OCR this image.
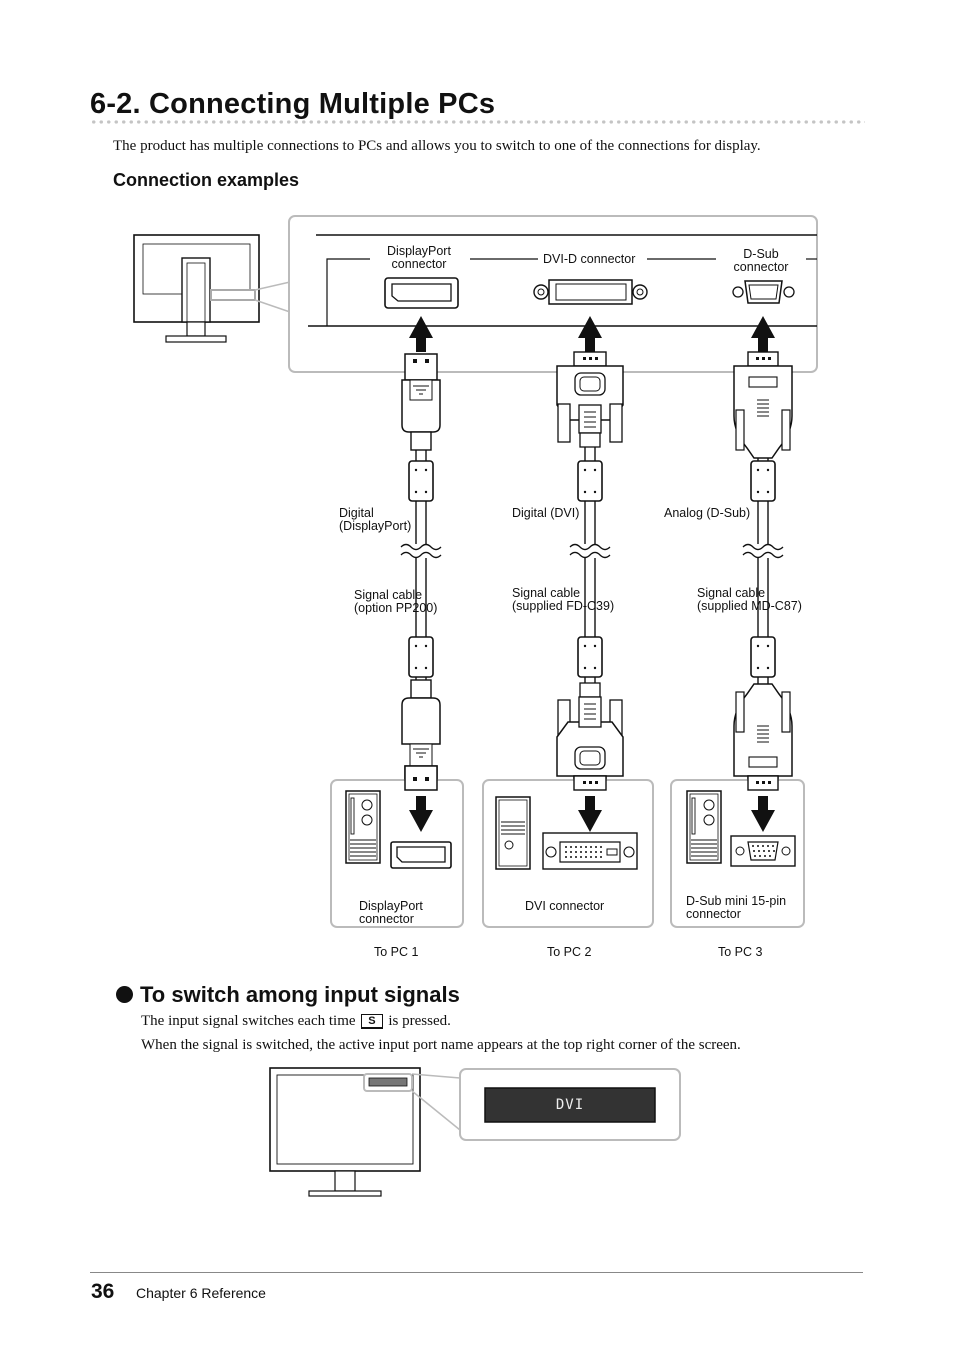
6-2. Connecting Multiple PCs
The product has multiple connections to PCs and allows you to switch to one of the connections for display.
Connection examples
DisplayPort
connector	DVI-D connector	D-Sub
connector
Digital
(DisplayPort)
Digital (DVI)	Analog (D-Sub)
Signal cable
(option PP200)
Signal cable
(supplied FD-C39)
Signal cable
(supplied MD-C87)
DisplayPort
connector
DVI connector	D-Sub mini 15-pin
connector
To PC 1	To PC 2	To PC 3
To switch among input signals
The input signal switches each time S is pressed.
When the signal is switched, the active input port name appears at the top right corner of the screen.
DVI
36 Chapter 6 Reference
